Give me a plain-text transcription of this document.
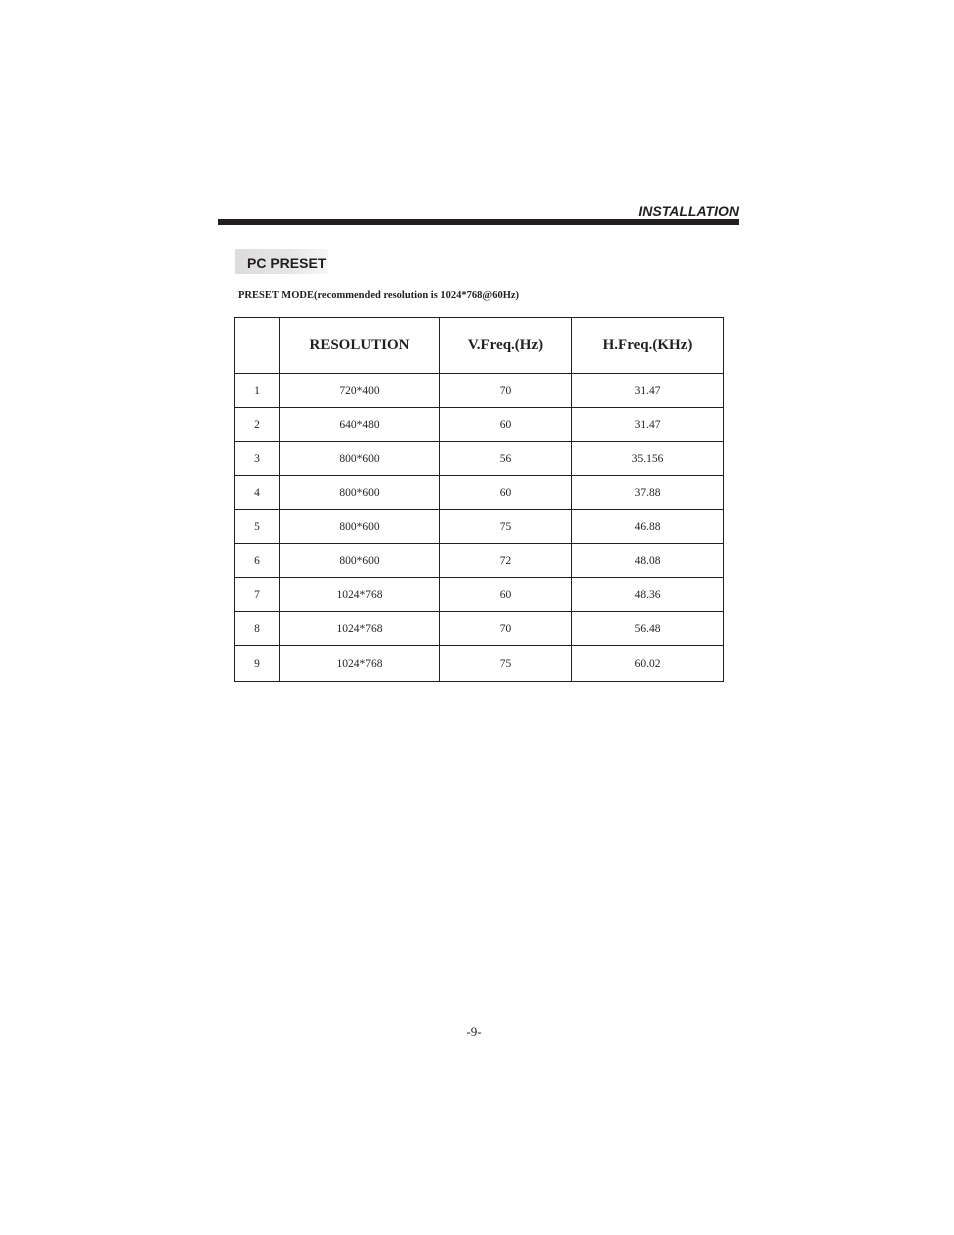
INSTALLATION
PC PRESET
PRESET MODE(recommended resolution is 1024*768@60Hz)
	RESOLUTION	V.Freq.(Hz)	H.Freq.(KHz)
1	720*400	70	31.47
2	640*480	60	31.47
3	800*600	56	35.156
4	800*600	60	37.88
5	800*600	75	46.88
6	800*600	72	48.08
7	1024*768	60	48.36
8	1024*768	70	56.48
9	1024*768	75	60.02
-9-
